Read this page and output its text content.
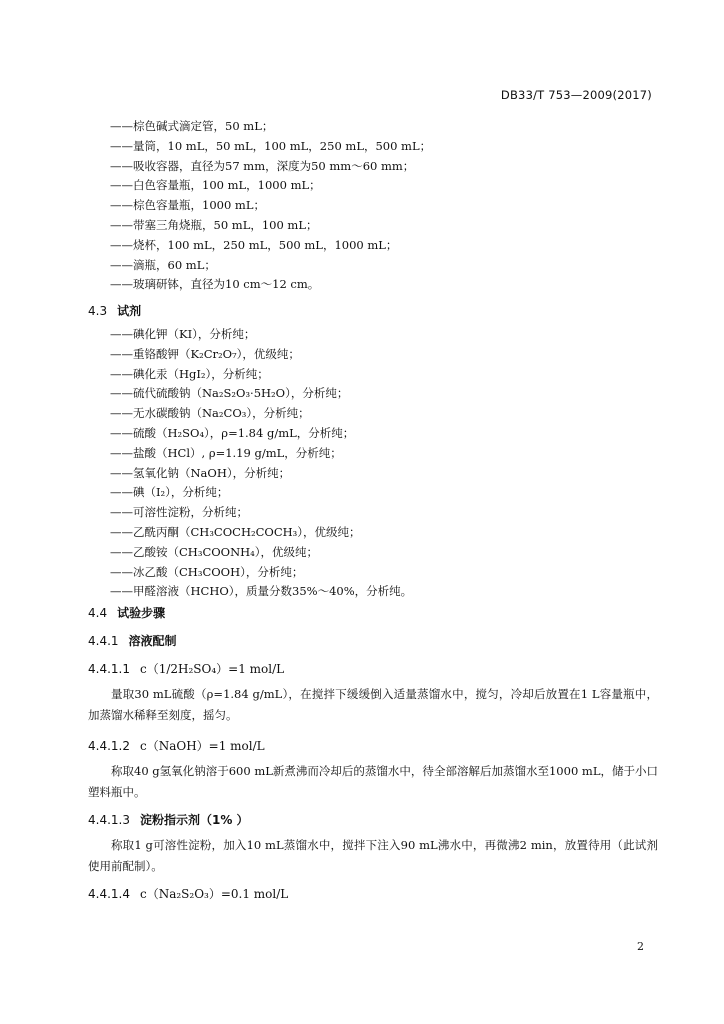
DB33/T 753—2009(2017)
——棕色碱式滴定管，50 mL；
——量筒，10 mL，50 mL，100 mL，250 mL，500 mL；
——吸收容器，直径为57 mm，深度为50 mm～60 mm；
——白色容量瓶，100 mL，1000 mL；
——棕色容量瓶，1000 mL；
——带塞三角烧瓶，50 mL，100 mL；
——烧杯，100 mL，250 mL，500 mL，1000 mL；
——滴瓶，60 mL；
——玻璃研钵，直径为10 cm～12 cm。
4.3 试剂
——碘化钾（KI），分析纯；
——重铬酸钾（K₂Cr₂O₇），优级纯；
——碘化汞（HgI₂），分析纯；
——硫代硫酸钠（Na₂S₂O₃·5H₂O），分析纯；
——无水碳酸钠（Na₂CO₃），分析纯；
——硫酸（H₂SO₄），ρ=1.84 g/mL，分析纯；
——盐酸（HCl）, ρ=1.19 g/mL，分析纯；
——氢氧化钠（NaOH），分析纯；
——碘（I₂），分析纯；
——可溶性淀粉，分析纯；
——乙酰丙酮（CH₃COCH₂COCH₃），优级纯；
——乙酸铵（CH₃COONH₄），优级纯；
——冰乙酸（CH₃COOH），分析纯；
——甲醛溶液（HCHO），质量分数35%～40%，分析纯。
4.4 试验步骤
4.4.1 溶液配制
4.4.1.1 c（1/2H₂SO₄）=1 mol/L
量取30 mL硫酸（ρ=1.84 g/mL），在搅拌下缓缓倒入适量蒸馏水中，搅匀，冷却后放置在1 L容量瓶中，加蒸馏水稀释至刻度，摇匀。
4.4.1.2 c（NaOH）=1 mol/L
称取40 g氢氧化钠溶于600 mL新煮沸而冷却后的蒸馏水中，待全部溶解后加蒸馏水至1000 mL，储于小口塑料瓶中。
4.4.1.3 淀粉指示剂（1% ）
称取1 g可溶性淀粉，加入10 mL蒸馏水中，搅拌下注入90 mL沸水中，再微沸2 min，放置待用（此试剂使用前配制）。
4.4.1.4 c（Na₂S₂O₃）=0.1 mol/L
2
